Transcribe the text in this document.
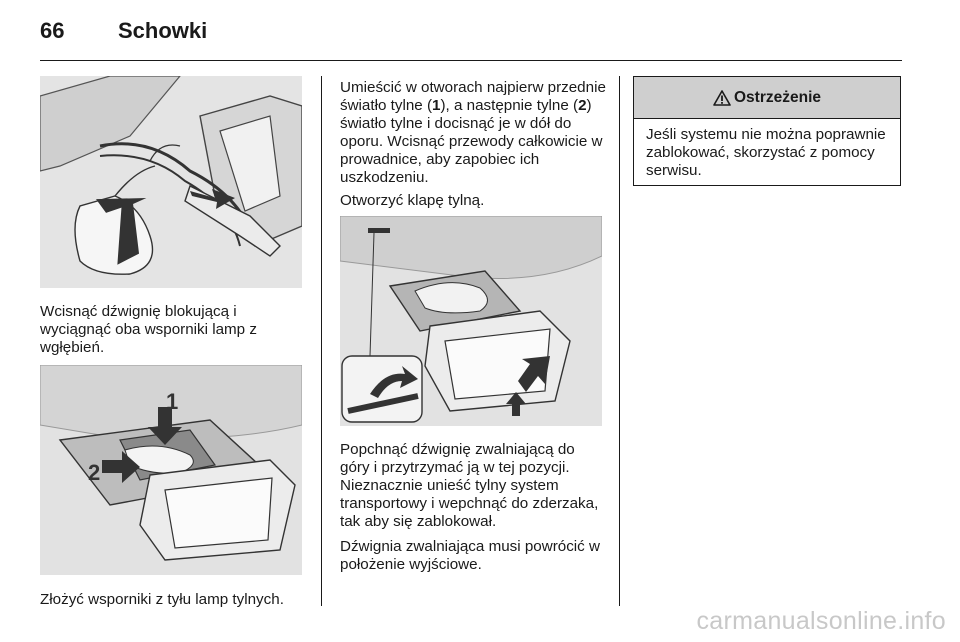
66	Schowki
Wcisnąć dźwignię blokującą i wyciągnąć oba wsporniki lamp z wgłębień.
1
2
Złożyć wsporniki z tyłu lamp tylnych.
Umieścić w otworach najpierw przednie światło tylne (1), a następnie tylne (2) światło tylne i docisnąć je w dół do oporu. Wcisnąć przewody całkowicie w prowadnice, aby zapobiec ich uszkodzeniu.
Otworzyć klapę tylną.
Popchnąć dźwignię zwalniającą do góry i przytrzymać ją w tej pozycji. Nieznacznie unieść tylny system transportowy i wepchnąć do zderzaka, tak aby się zablokował.
Dźwignia zwalniająca musi powrócić w położenie wyjściowe.
Ostrzeżenie
Jeśli systemu nie można poprawnie zablokować, skorzystać z pomocy serwisu.
carmanualsonline.info
